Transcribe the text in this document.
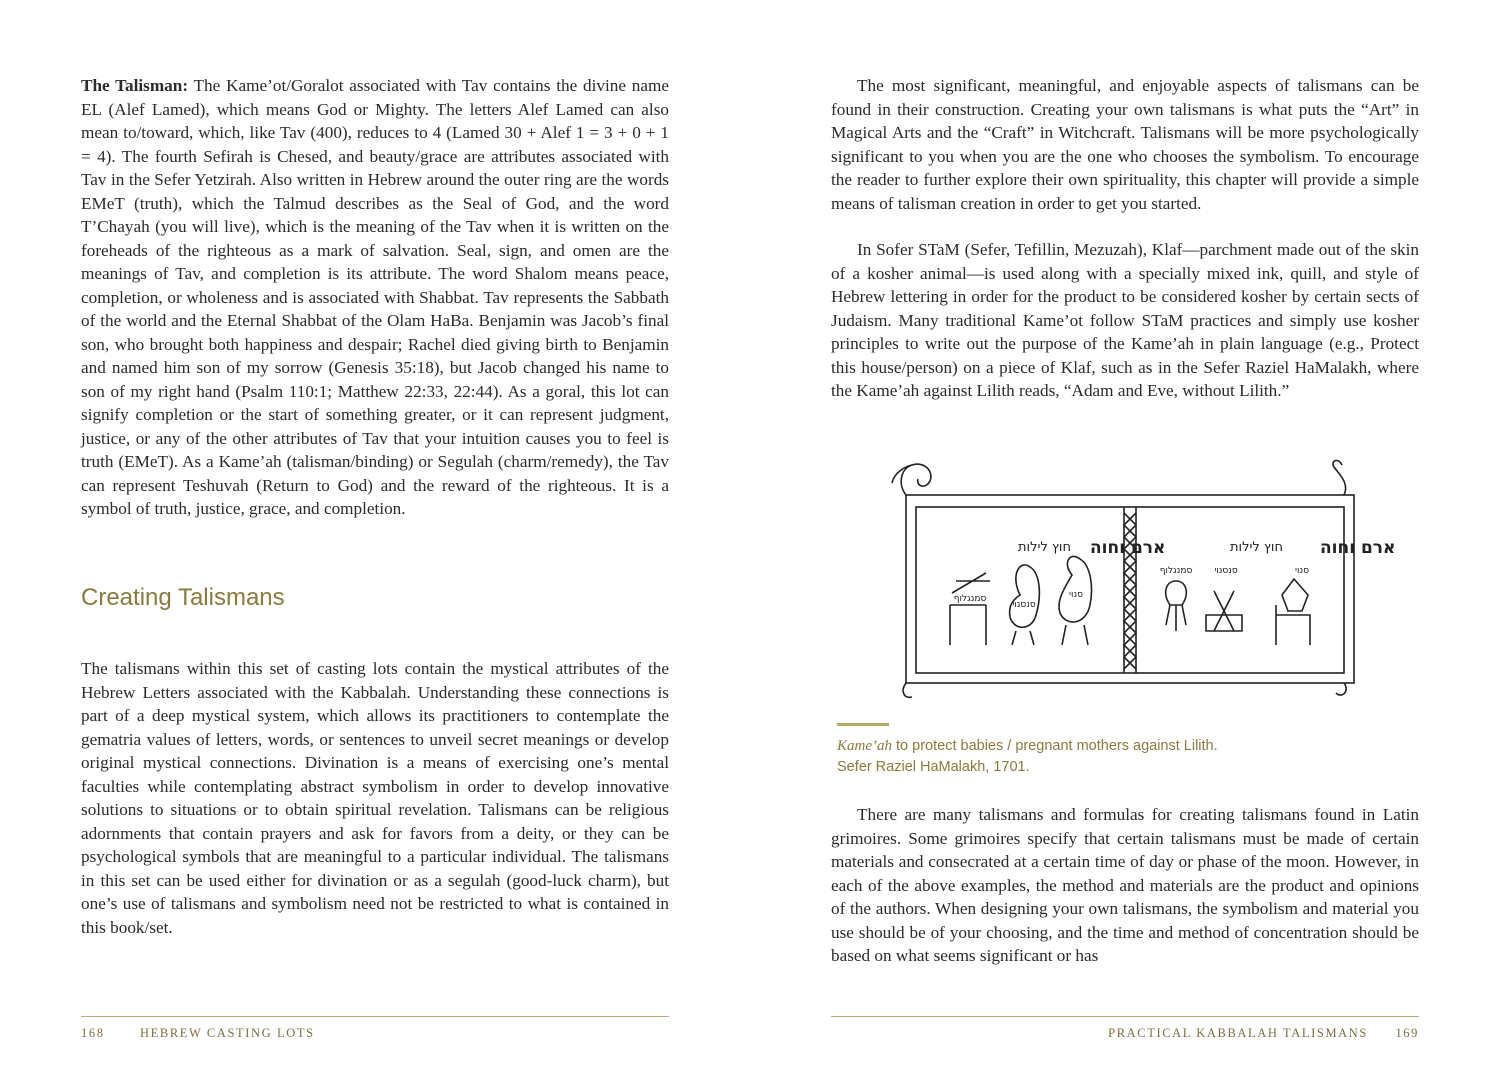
The Talisman: The Kame’ot/Goralot associated with Tav contains the divine name EL (Alef Lamed), which means God or Mighty. The letters Alef Lamed can also mean to/toward, which, like Tav (400), reduces to 4 (Lamed 30 + Alef 1 = 3 + 0 + 1 = 4). The fourth Sefirah is Chesed, and beauty/grace are attributes associated with Tav in the Sefer Yetzirah. Also written in Hebrew around the outer ring are the words EMeT (truth), which the Talmud describes as the Seal of God, and the word T’Chayah (you will live), which is the meaning of the Tav when it is written on the foreheads of the righteous as a mark of salvation. Seal, sign, and omen are the meanings of Tav, and completion is its attribute. The word Shalom means peace, completion, or wholeness and is associated with Shabbat. Tav represents the Sabbath of the world and the Eternal Shabbat of the Olam HaBa. Benjamin was Jacob’s final son, who brought both happiness and despair; Rachel died giving birth to Benjamin and named him son of my sorrow (Genesis 35:18), but Jacob changed his name to son of my right hand (Psalm 110:1; Matthew 22:33, 22:44). As a goral, this lot can signify completion or the start of something greater, or it can represent judgment, justice, or any of the other attributes of Tav that your intuition causes you to feel is truth (EMeT). As a Kame’ah (talisman/binding) or Segulah (charm/remedy), the Tav can represent Teshuvah (Return to God) and the reward of the righteous. It is a symbol of truth, justice, grace, and completion.

Creating Talismans

The talismans within this set of casting lots contain the mystical attributes of the Hebrew Letters associated with the Kabbalah. Understanding these connections is part of a deep mystical system, which allows its practitioners to contemplate the gematria values of letters, words, or sentences to unveil secret meanings or develop original mystical connections. Divination is a means of exercising one’s mental faculties while contemplating abstract symbolism in order to develop innovative solutions to situations or to obtain spiritual revelation. Talismans can be religious adornments that contain prayers and ask for favors from a deity, or they can be psychological symbols that are meaningful to a particular individual. The talismans in this set can be used either for divination or as a segulah (good-luck charm), but one’s use of talismans and symbolism need not be restricted to what is contained in this book/set.

168	HEBREW CASTING LOTS

The most significant, meaningful, and enjoyable aspects of talismans can be found in their construction. Creating your own talismans is what puts the “Art” in Magical Arts and the “Craft” in Witchcraft. Talismans will be more psychologically significant to you when you are the one who chooses the symbolism. To encourage the reader to further explore their own spirituality, this chapter will provide a simple means of talisman creation in order to get you started.

In Sofer STaM (Sefer, Tefillin, Mezuzah), Klaf—parchment made out of the skin of a kosher animal—is used along with a specially mixed ink, quill, and style of Hebrew lettering in order for the product to be considered kosher by certain sects of Judaism. Many traditional Kame’ot follow STaM practices and simply use kosher principles to write out the purpose of the Kame’ah in plain language (e.g., Protect this house/person) on a piece of Klaf, such as in the Sefer Raziel HaMalakh, where the Kame’ah against Lilith reads, “Adam and Eve, without Lilith.”

Kame’ah to protect babies / pregnant mothers against Lilith.
Sefer Raziel HaMalakh, 1701.

There are many talismans and formulas for creating talismans found in Latin grimoires. Some grimoires specify that certain talismans must be made of certain materials and consecrated at a certain time of day or phase of the moon. However, in each of the above examples, the method and materials are the product and opinions of the authors. When designing your own talismans, the symbolism and material you use should be of your choosing, and the time and method of concentration should be based on what seems significant or has

ארם וחוה
חוץ לילות	ארם וחוה
חוץ לילות
סנוי
סנסנוי
סמנגלוף
סנוי
סנסנוי
סמנגלוף
PRACTICAL KABBALAH TALISMANS 169
